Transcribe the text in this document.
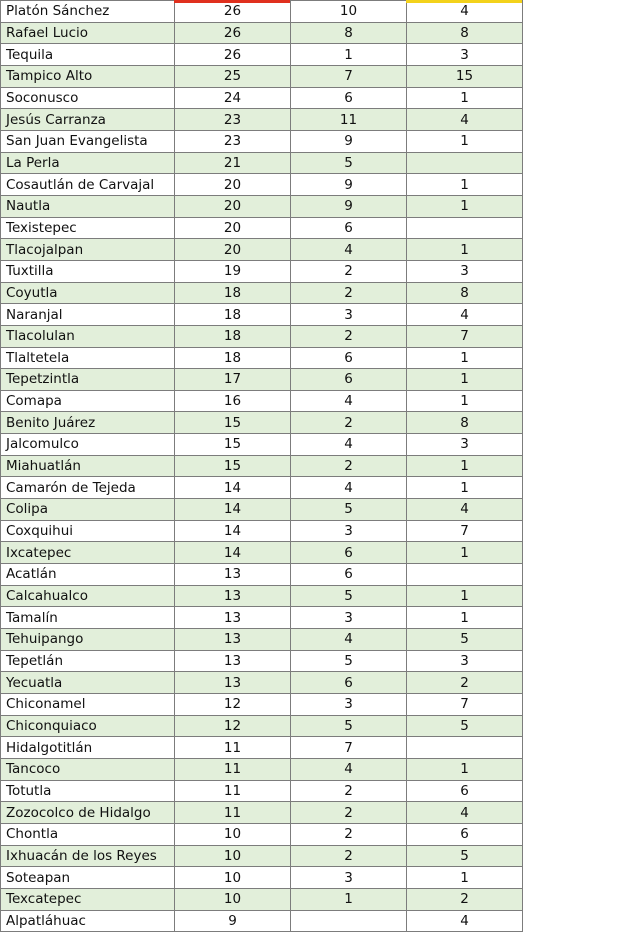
Platón Sánchez	26	10	4
Rafael Lucio	26	8	8
Tequila	26	1	3
Tampico Alto	25	7	15
Soconusco	24	6	1
Jesús Carranza	23	11	4
San Juan Evangelista	23	9	1
La Perla	21	5	
Cosautlán de Carvajal	20	9	1
Nautla	20	9	1
Texistepec	20	6	
Tlacojalpan	20	4	1
Tuxtilla	19	2	3
Coyutla	18	2	8
Naranjal	18	3	4
Tlacolulan	18	2	7
Tlaltetela	18	6	1
Tepetzintla	17	6	1
Comapa	16	4	1
Benito Juárez	15	2	8
Jalcomulco	15	4	3
Miahuatlán	15	2	1
Camarón de Tejeda	14	4	1
Colipa	14	5	4
Coxquihui	14	3	7
Ixcatepec	14	6	1
Acatlán	13	6	
Calcahualco	13	5	1
Tamalín	13	3	1
Tehuipango	13	4	5
Tepetlán	13	5	3
Yecuatla	13	6	2
Chiconamel	12	3	7
Chiconquiaco	12	5	5
Hidalgotitlán	11	7	
Tancoco	11	4	1
Totutla	11	2	6
Zozocolco de Hidalgo	11	2	4
Chontla	10	2	6
Ixhuacán de los Reyes	10	2	5
Soteapan	10	3	1
Texcatepec	10	1	2
Alpatláhuac	9		4
